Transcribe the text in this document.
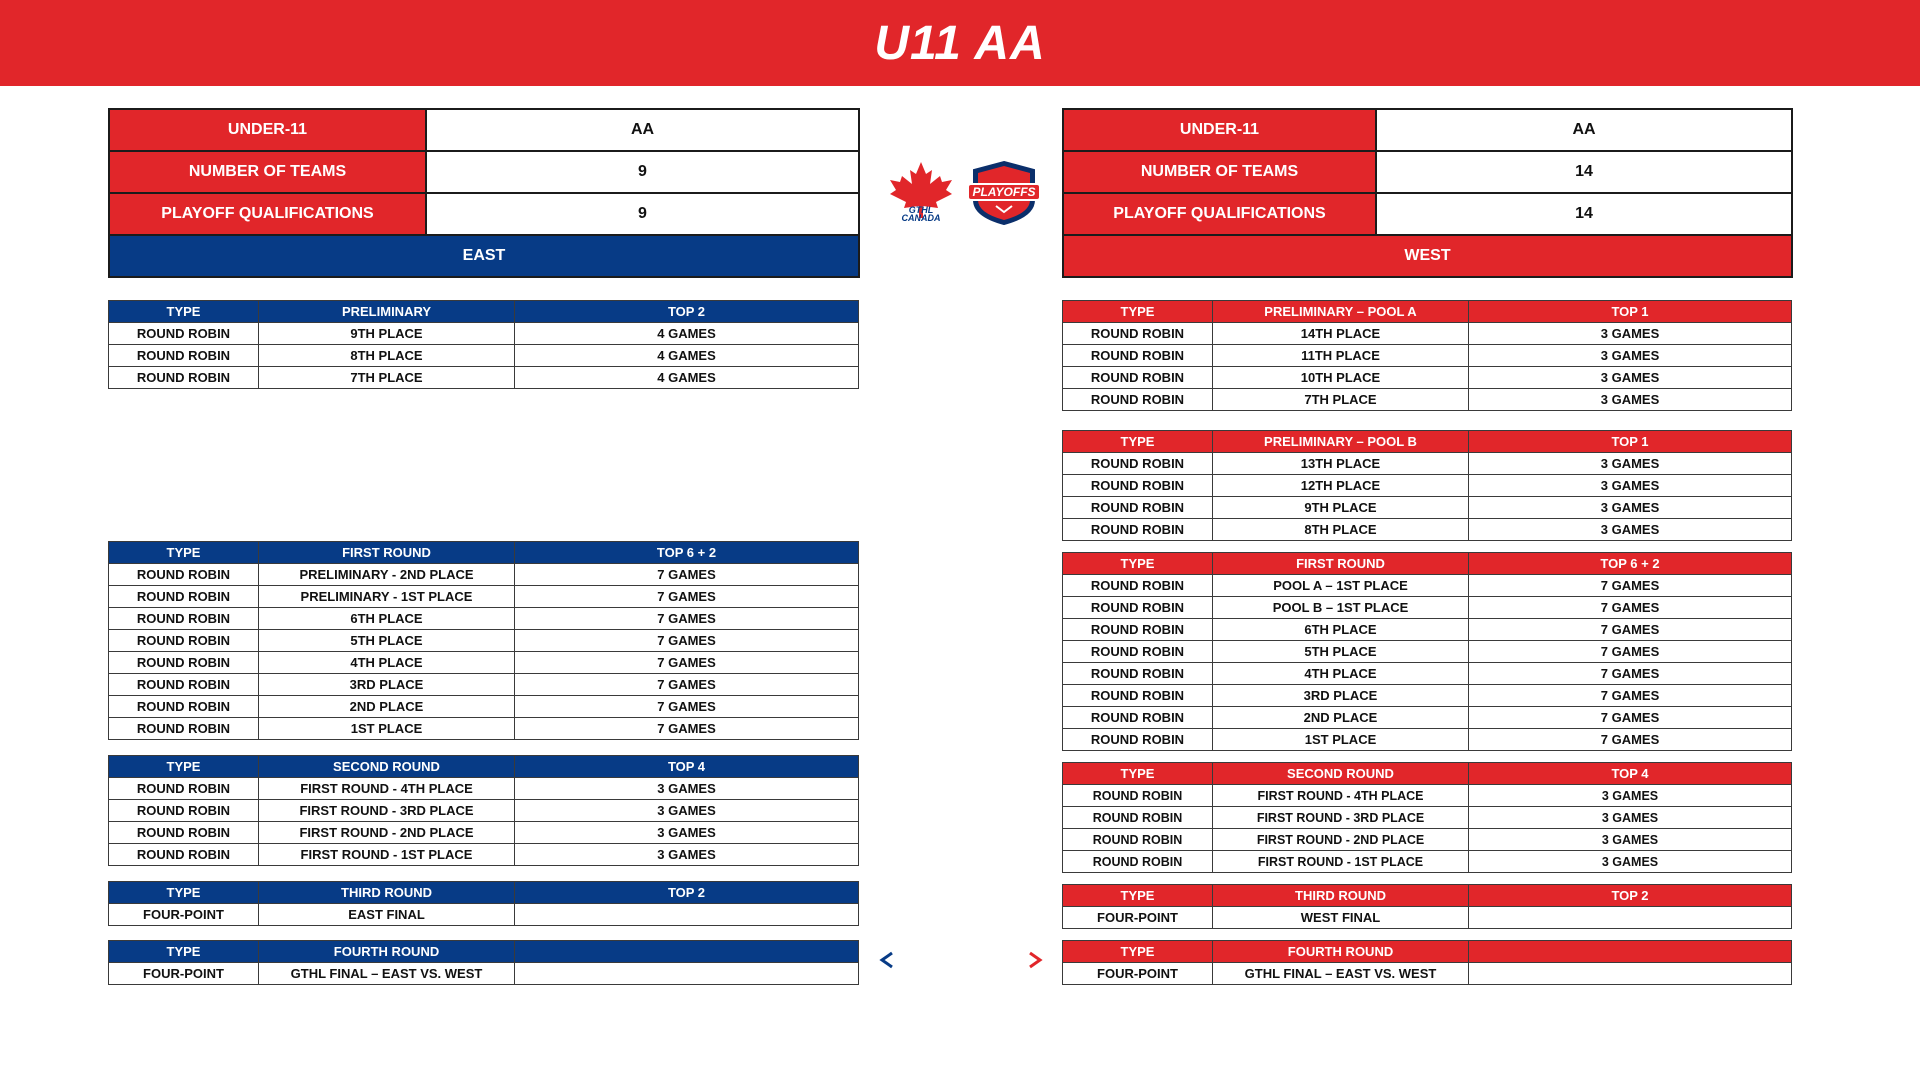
U11 AA
UNDER-11	AA
NUMBER OF TEAMS	9
PLAYOFF QUALIFICATIONS	9
EAST	
UNDER-11	AA
NUMBER OF TEAMS	14
PLAYOFF QUALIFICATIONS	14
WEST	
GTHL
CANADA
PLAYOFFS
TYPE	PRELIMINARY	TOP 2
ROUND ROBIN	9TH PLACE	4 GAMES
ROUND ROBIN	8TH PLACE	4 GAMES
ROUND ROBIN	7TH PLACE	4 GAMES
TYPE	FIRST ROUND	TOP 6 + 2
ROUND ROBIN	PRELIMINARY - 2ND PLACE	7 GAMES
ROUND ROBIN	PRELIMINARY - 1ST PLACE	7 GAMES
ROUND ROBIN	6TH PLACE	7 GAMES
ROUND ROBIN	5TH PLACE	7 GAMES
ROUND ROBIN	4TH PLACE	7 GAMES
ROUND ROBIN	3RD PLACE	7 GAMES
ROUND ROBIN	2ND PLACE	7 GAMES
ROUND ROBIN	1ST PLACE	7 GAMES
TYPE	SECOND ROUND	TOP 4
ROUND ROBIN	FIRST ROUND - 4TH PLACE	3 GAMES
ROUND ROBIN	FIRST ROUND - 3RD PLACE	3 GAMES
ROUND ROBIN	FIRST ROUND - 2ND PLACE	3 GAMES
ROUND ROBIN	FIRST ROUND - 1ST PLACE	3 GAMES
TYPE	THIRD ROUND	TOP 2
FOUR-POINT	EAST FINAL	
TYPE	FOURTH ROUND	
FOUR-POINT	GTHL FINAL – EAST VS. WEST	
TYPE	PRELIMINARY – POOL A	TOP 1
ROUND ROBIN	14TH PLACE	3 GAMES
ROUND ROBIN	11TH PLACE	3 GAMES
ROUND ROBIN	10TH PLACE	3 GAMES
ROUND ROBIN	7TH PLACE	3 GAMES
TYPE	PRELIMINARY – POOL B	TOP 1
ROUND ROBIN	13TH PLACE	3 GAMES
ROUND ROBIN	12TH PLACE	3 GAMES
ROUND ROBIN	9TH PLACE	3 GAMES
ROUND ROBIN	8TH PLACE	3 GAMES
TYPE	FIRST ROUND	TOP 6 + 2
ROUND ROBIN	POOL A – 1ST PLACE	7 GAMES
ROUND ROBIN	POOL B – 1ST PLACE	7 GAMES
ROUND ROBIN	6TH PLACE	7 GAMES
ROUND ROBIN	5TH PLACE	7 GAMES
ROUND ROBIN	4TH PLACE	7 GAMES
ROUND ROBIN	3RD PLACE	7 GAMES
ROUND ROBIN	2ND PLACE	7 GAMES
ROUND ROBIN	1ST PLACE	7 GAMES
TYPE	SECOND ROUND	TOP 4
ROUND ROBIN	FIRST ROUND - 4TH PLACE	3 GAMES
ROUND ROBIN	FIRST ROUND - 3RD PLACE	3 GAMES
ROUND ROBIN	FIRST ROUND - 2ND PLACE	3 GAMES
ROUND ROBIN	FIRST ROUND - 1ST PLACE	3 GAMES
TYPE	THIRD ROUND	TOP 2
FOUR-POINT	WEST FINAL	
TYPE	FOURTH ROUND	
FOUR-POINT	GTHL FINAL – EAST VS. WEST	
